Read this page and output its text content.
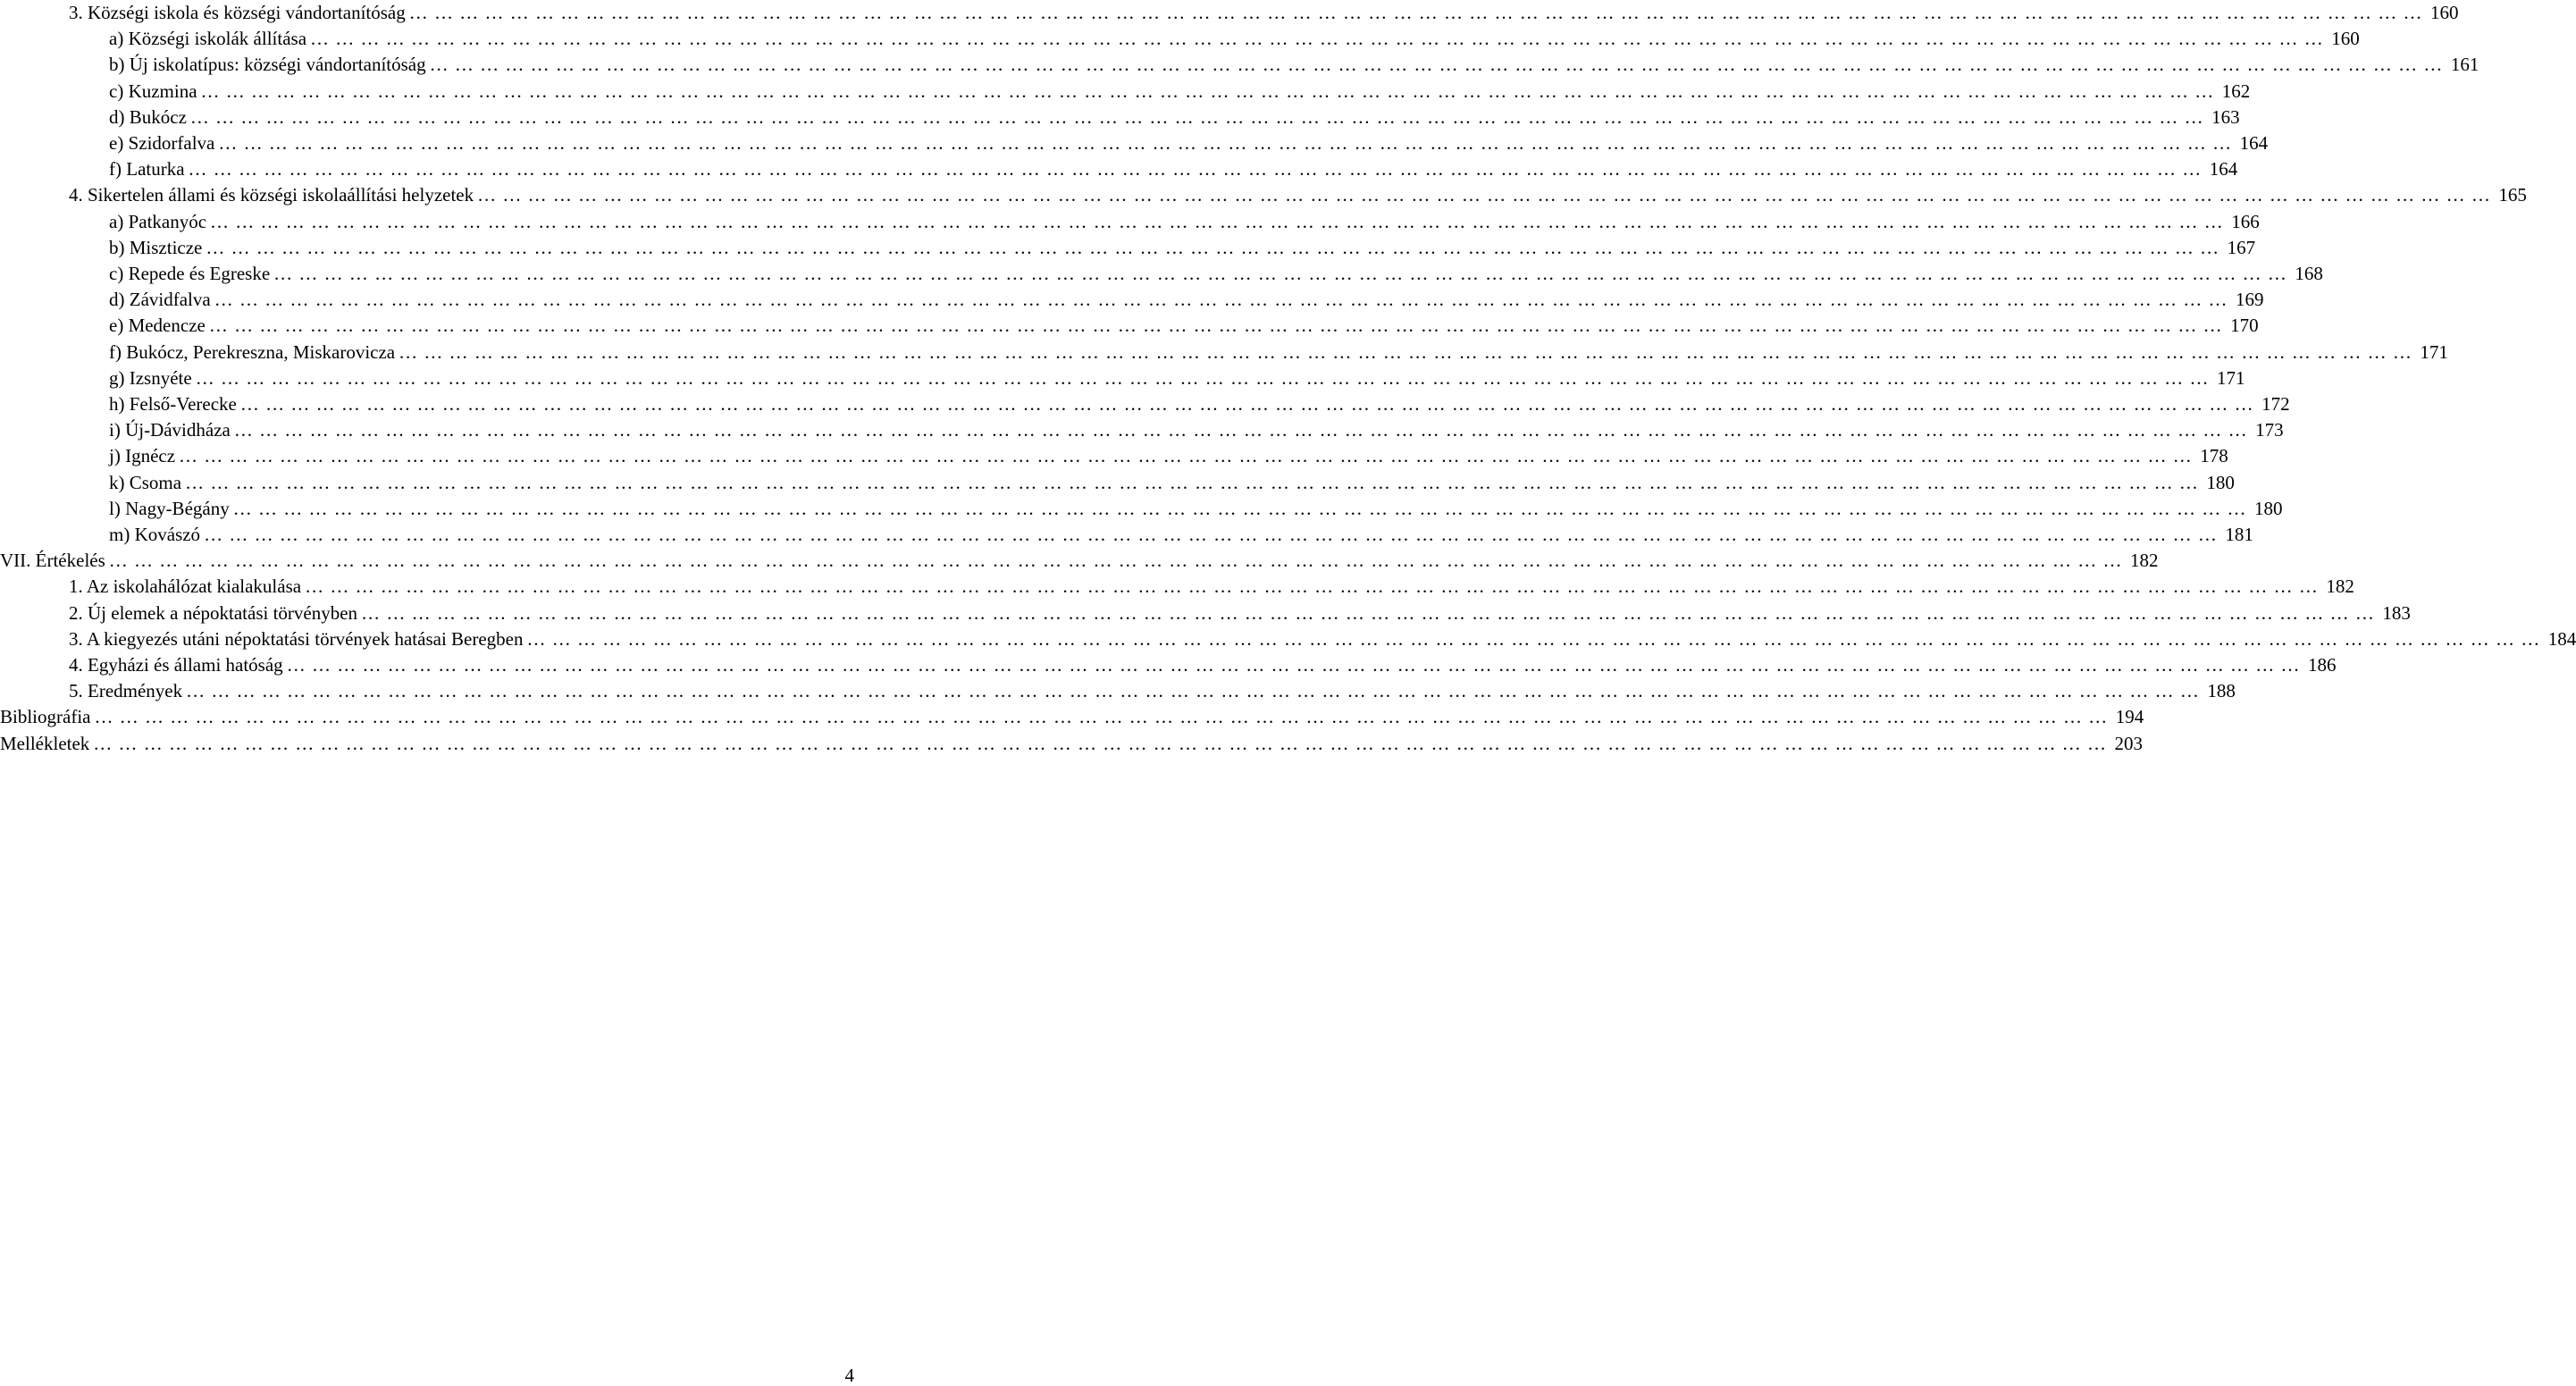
3. Községi iskola és községi vándortanítóság … … … … … … … … … … … … … … … … … … … … … … … … … … … … … … … … … … … … … … … … … … … … … … … … … … … … … … … … … … … … … … … … … … … … … … … … … … … … … … … … 160
a) Községi iskolák állítása … … … … … … … … … … … … … … … … … … … … … … … … … … … … … … … … … … … … … … … … … … … … … … … … … … … … … … … … … … … … … … … … … … … … … … … … … … … … … … … … 160
b) Új iskolatípus: községi vándortanítóság … … … … … … … … … … … … … … … … … … … … … … … … … … … … … … … … … … … … … … … … … … … … … … … … … … … … … … … … … … … … … … … … … … … … … … … … … … … … … … … … 161
c) Kuzmina … … … … … … … … … … … … … … … … … … … … … … … … … … … … … … … … … … … … … … … … … … … … … … … … … … … … … … … … … … … … … … … … … … … … … … … … … … … … … … … … 162
d) Bukócz … … … … … … … … … … … … … … … … … … … … … … … … … … … … … … … … … … … … … … … … … … … … … … … … … … … … … … … … … … … … … … … … … … … … … … … … … … … … … … … … 163
e) Szidorfalva … … … … … … … … … … … … … … … … … … … … … … … … … … … … … … … … … … … … … … … … … … … … … … … … … … … … … … … … … … … … … … … … … … … … … … … … … … … … … … … … 164
f) Laturka … … … … … … … … … … … … … … … … … … … … … … … … … … … … … … … … … … … … … … … … … … … … … … … … … … … … … … … … … … … … … … … … … … … … … … … … … … … … … … … … 164
4. Sikertelen állami és községi iskolaállítási helyzetek … … … … … … … … … … … … … … … … … … … … … … … … … … … … … … … … … … … … … … … … … … … … … … … … … … … … … … … … … … … … … … … … … … … … … … … … … … … … … … … … 165
a) Patkanyóc … … … … … … … … … … … … … … … … … … … … … … … … … … … … … … … … … … … … … … … … … … … … … … … … … … … … … … … … … … … … … … … … … … … … … … … … … … … … … … … … 166
b) Miszticze … … … … … … … … … … … … … … … … … … … … … … … … … … … … … … … … … … … … … … … … … … … … … … … … … … … … … … … … … … … … … … … … … … … … … … … … … … … … … … … … 167
c) Repede és Egreske … … … … … … … … … … … … … … … … … … … … … … … … … … … … … … … … … … … … … … … … … … … … … … … … … … … … … … … … … … … … … … … … … … … … … … … … … … … … … … … … 168
d) Závidfalva … … … … … … … … … … … … … … … … … … … … … … … … … … … … … … … … … … … … … … … … … … … … … … … … … … … … … … … … … … … … … … … … … … … … … … … … … … … … … … … … 169
e) Medencze … … … … … … … … … … … … … … … … … … … … … … … … … … … … … … … … … … … … … … … … … … … … … … … … … … … … … … … … … … … … … … … … … … … … … … … … … … … … … … … … 170
f) Bukócz, Perekreszna, Miskarovicza … … … … … … … … … … … … … … … … … … … … … … … … … … … … … … … … … … … … … … … … … … … … … … … … … … … … … … … … … … … … … … … … … … … … … … … … … … … … … … … … 171
g) Izsnyéte … … … … … … … … … … … … … … … … … … … … … … … … … … … … … … … … … … … … … … … … … … … … … … … … … … … … … … … … … … … … … … … … … … … … … … … … … … … … … … … … 171
h) Felső-Verecke … … … … … … … … … … … … … … … … … … … … … … … … … … … … … … … … … … … … … … … … … … … … … … … … … … … … … … … … … … … … … … … … … … … … … … … … … … … … … … … … 172
i) Új-Dávidháza … … … … … … … … … … … … … … … … … … … … … … … … … … … … … … … … … … … … … … … … … … … … … … … … … … … … … … … … … … … … … … … … … … … … … … … … … … … … … … … … 173
j) Ignécz … … … … … … … … … … … … … … … … … … … … … … … … … … … … … … … … … … … … … … … … … … … … … … … … … … … … … … … … … … … … … … … … … … … … … … … … … … … … … … … … 178
k) Csoma … … … … … … … … … … … … … … … … … … … … … … … … … … … … … … … … … … … … … … … … … … … … … … … … … … … … … … … … … … … … … … … … … … … … … … … … … … … … … … … … 180
l) Nagy-Bégány … … … … … … … … … … … … … … … … … … … … … … … … … … … … … … … … … … … … … … … … … … … … … … … … … … … … … … … … … … … … … … … … … … … … … … … … … … … … … … … … 180
m) Kovászó … … … … … … … … … … … … … … … … … … … … … … … … … … … … … … … … … … … … … … … … … … … … … … … … … … … … … … … … … … … … … … … … … … … … … … … … … … … … … … … … 181
VII. Értékelés … … … … … … … … … … … … … … … … … … … … … … … … … … … … … … … … … … … … … … … … … … … … … … … … … … … … … … … … … … … … … … … … … … … … … … … … … … … … … … … … 182
1. Az iskolahálózat kialakulása … … … … … … … … … … … … … … … … … … … … … … … … … … … … … … … … … … … … … … … … … … … … … … … … … … … … … … … … … … … … … … … … … … … … … … … … … … … … … … … … 182
2. Új elemek a népoktatási törvényben … … … … … … … … … … … … … … … … … … … … … … … … … … … … … … … … … … … … … … … … … … … … … … … … … … … … … … … … … … … … … … … … … … … … … … … … … … … … … … … … 183
3. A kiegyezés utáni népoktatási törvények hatásai Beregben … … … … … … … … … … … … … … … … … … … … … … … … … … … … … … … … … … … … … … … … … … … … … … … … … … … … … … … … … … … … … … … … … … … … … … … … … … … … … … … … 184
4. Egyházi és állami hatóság … … … … … … … … … … … … … … … … … … … … … … … … … … … … … … … … … … … … … … … … … … … … … … … … … … … … … … … … … … … … … … … … … … … … … … … … … … … … … … … … 186
5. Eredmények … … … … … … … … … … … … … … … … … … … … … … … … … … … … … … … … … … … … … … … … … … … … … … … … … … … … … … … … … … … … … … … … … … … … … … … … … … … … … … … … 188
Bibliográfia … … … … … … … … … … … … … … … … … … … … … … … … … … … … … … … … … … … … … … … … … … … … … … … … … … … … … … … … … … … … … … … … … … … … … … … … … … … … … … … … 194
Mellékletek … … … … … … … … … … … … … … … … … … … … … … … … … … … … … … … … … … … … … … … … … … … … … … … … … … … … … … … … … … … … … … … … … … … … … … … … … … … … … … … … 203
4
